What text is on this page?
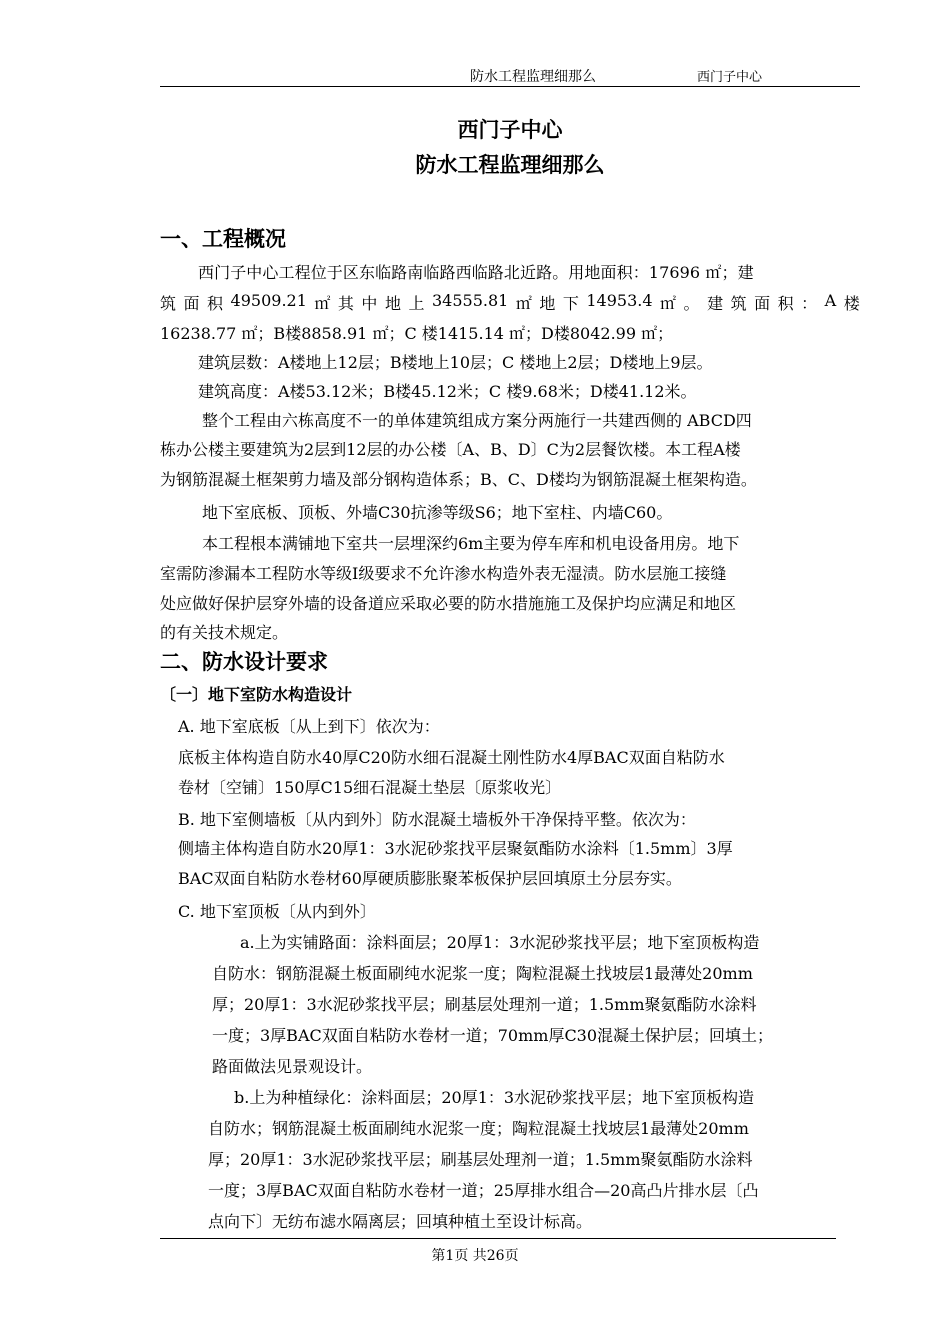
防水工程监理细那么	西门子中心
西门子中心
防水工程监理细那么
一、工程概况
西门子中心工程位于区东临路南临路西临路北近路。用地面积：17696 ㎡；建
筑 面 积 49509.21 ㎡ 其 中 地 上 34555.81 ㎡ 地 下 14953.4 ㎡ 。 建 筑 面 积 ： A 楼
16238.77 ㎡；B楼8858.91 ㎡；C 楼1415.14 ㎡；D楼8042.99 ㎡；
建筑层数：A楼地上12层；B楼地上10层；C 楼地上2层；D楼地上9层。
建筑高度：A楼53.12米；B楼45.12米；C 楼9.68米；D楼41.12米。
整个工程由六栋高度不一的单体建筑组成方案分两施行一共建西侧的 ABCD四
栋办公楼主要建筑为2层到12层的办公楼〔A、B、D〕C为2层餐饮楼。本工程A楼
为钢筋混凝土框架剪力墙及部分钢构造体系；B、C、D楼均为钢筋混凝土框架构造。
地下室底板、顶板、外墙C30抗渗等级S6；地下室柱、内墙C60。
本工程根本满铺地下室共一层埋深约6m主要为停车库和机电设备用房。地下
室需防渗漏本工程防水等级Ⅰ级要求不允许渗水构造外表无湿渍。防水层施工接缝
处应做好保护层穿外墙的设备道应采取必要的防水措施施工及保护均应满足和地区
的有关技术规定。
二、防水设计要求
〔一〕地下室防水构造设计
A. 地下室底板〔从上到下〕依次为：
底板主体构造自防水40厚C20防水细石混凝土刚性防水4厚BAC双面自粘防水
卷材〔空铺〕150厚C15细石混凝土垫层〔原浆收光〕
B. 地下室侧墙板〔从内到外〕防水混凝土墙板外干净保持平整。依次为：
侧墙主体构造自防水20厚1：3水泥砂浆找平层聚氨酯防水涂料〔1.5mm〕3厚
BAC双面自粘防水卷材60厚硬质膨胀聚苯板保护层回填原土分层夯实。
C. 地下室顶板〔从内到外〕
a.上为实铺路面：涂料面层；20厚1：3水泥砂浆找平层；地下室顶板构造
自防水：钢筋混凝土板面刷纯水泥浆一度；陶粒混凝土找坡层1最薄处20mm
厚；20厚1：3水泥砂浆找平层；刷基层处理剂一道；1.5mm聚氨酯防水涂料
一度；3厚BAC双面自粘防水卷材一道；70mm厚C30混凝土保护层；回填土；
路面做法见景观设计。
b.上为种植绿化：涂料面层；20厚1：3水泥砂浆找平层；地下室顶板构造
自防水；钢筋混凝土板面刷纯水泥浆一度；陶粒混凝土找坡层1最薄处20mm
厚；20厚1：3水泥砂浆找平层；刷基层处理剂一道；1.5mm聚氨酯防水涂料
一度；3厚BAC双面自粘防水卷材一道；25厚排水组合—20高凸片排水层〔凸
点向下〕无纺布滤水隔离层；回填种植土至设计标高。
第1页 共26页
